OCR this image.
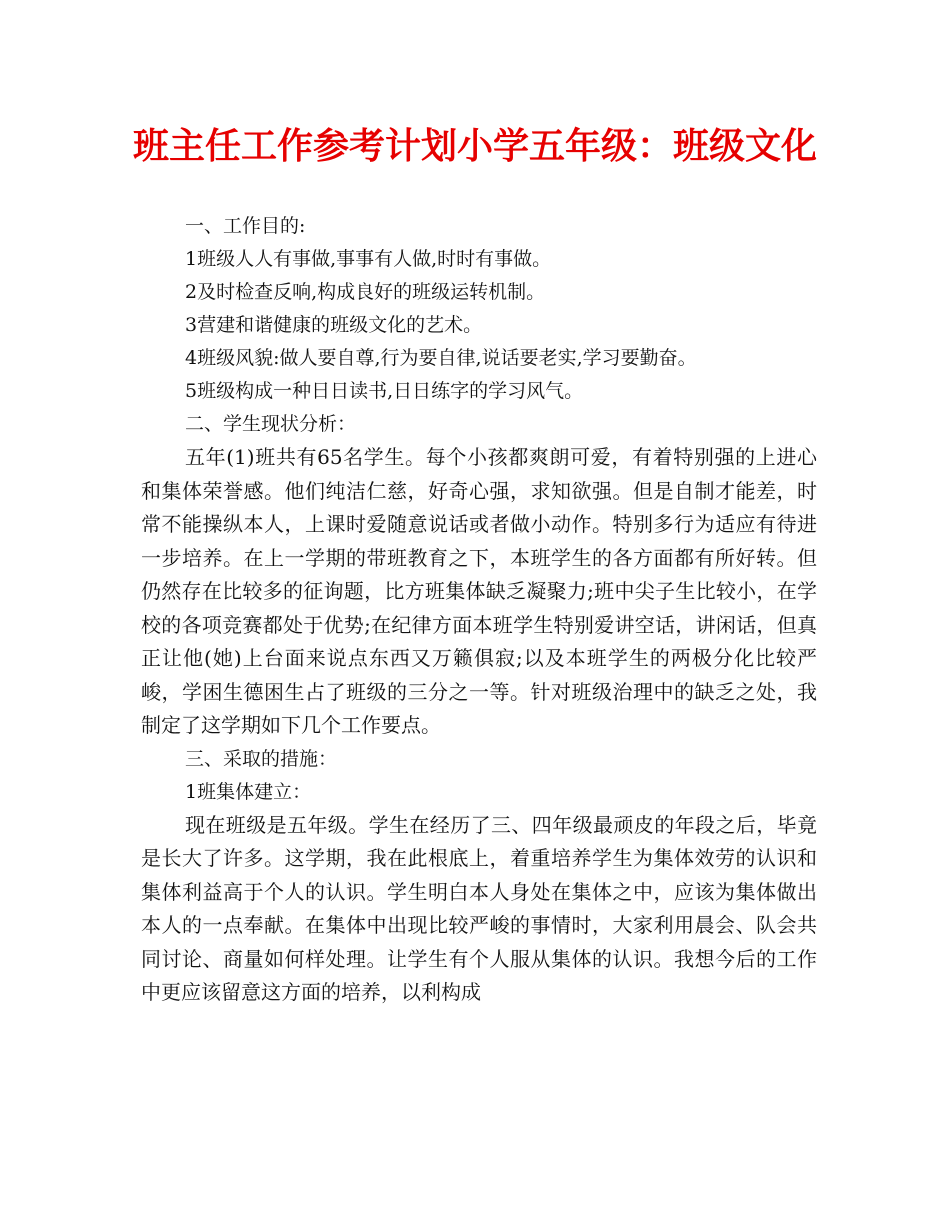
班主任工作参考计划小学五年级：班级文化

一、工作目的:

1班级人人有事做,事事有人做,时时有事做。

2及时检查反响,构成良好的班级运转机制。

3营建和谐健康的班级文化的艺术。

4班级风貌:做人要自尊,行为要自律,说话要老实,学习要勤奋。

5班级构成一种日日读书,日日练字的学习风气。

二、学生现状分析：

五年(1)班共有65名学生。每个小孩都爽朗可爱，有着特别强的上进心和集体荣誉感。他们纯洁仁慈，好奇心强，求知欲强。但是自制才能差，时常不能操纵本人，上课时爱随意说话或者做小动作。特别多行为适应有待进一步培养。在上一学期的带班教育之下，本班学生的各方面都有所好转。但仍然存在比较多的征询题，比方班集体缺乏凝聚力;班中尖子生比较小，在学校的各项竞赛都处于优势;在纪律方面本班学生特别爱讲空话，讲闲话，但真正让他(她)上台面来说点东西又万籁俱寂;以及本班学生的两极分化比较严峻，学困生德困生占了班级的三分之一等。针对班级治理中的缺乏之处，我制定了这学期如下几个工作要点。

三、采取的措施：

1班集体建立：

现在班级是五年级。学生在经历了三、四年级最顽皮的年段之后，毕竟是长大了许多。这学期，我在此根底上，着重培养学生为集体效劳的认识和集体利益高于个人的认识。学生明白本人身处在集体之中，应该为集体做出本人的一点奉献。在集体中出现比较严峻的事情时，大家利用晨会、队会共同讨论、商量如何样处理。让学生有个人服从集体的认识。我想今后的工作中更应该留意这方面的培养，以利构成
